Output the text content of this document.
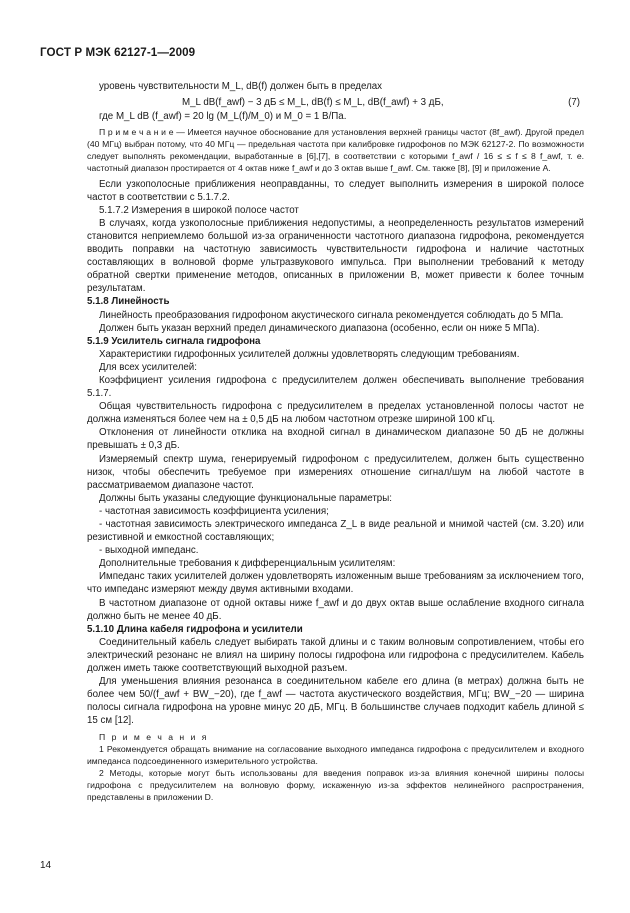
ГОСТ Р МЭК 62127-1—2009

уровень чувствительности M_L, dB(f) должен быть в пределах

M_L dB(f_awf) − 3 дБ ≤ M_L, dB(f) ≤ M_L, dB(f_awf) + 3 дБ,	(7)

где M_L dB (f_awf) = 20 lg (M_L(f)/M_0) и M_0 = 1 В/Па.

П р и м е ч а н и е — Имеется научное обоснование для установления верхней границы частот (8f_awf). Другой предел (40 МГц) выбран потому, что 40 МГц — предельная частота при калибровке гидрофонов по МЭК 62127-2. По возможности следует выполнять рекомендации, выработанные в [6],[7], в соответствии с которыми f_awf / 16 ≤ ≤ f ≤ 8 f_awf, т. е. частотный диапазон простирается от 4 октав ниже f_awf и до 3 октав выше f_awf. См. также [8], [9] и приложение А.

Если узкополосные приближения неоправданны, то следует выполнить измерения в широкой полосе частот в соответствии с 5.1.7.2.

5.1.7.2 Измерения в широкой полосе частот

В случаях, когда узкополосные приближения недопустимы, а неопределенность результатов измерений становится неприемлемо большой из-за ограниченности частотного диапазона гидрофона, рекомендуется вводить поправки на частотную зависимость чувствительности гидрофона и наличие частотных составляющих в волновой форме ультразвукового импульса. При выполнении требований к методу обратной свертки применение методов, описанных в приложении В, может привести к более точным результатам.

5.1.8 Линейность

Линейность преобразования гидрофоном акустического сигнала рекомендуется соблюдать до 5 МПа.

Должен быть указан верхний предел динамического диапазона (особенно, если он ниже 5 МПа).

5.1.9 Усилитель сигнала гидрофона

Характеристики гидрофонных усилителей должны удовлетворять следующим требованиям.

Для всех усилителей:

Коэффициент усиления гидрофона с предусилителем должен обеспечивать выполнение требования 5.1.7.

Общая чувствительность гидрофона с предусилителем в пределах установленной полосы частот не должна изменяться более чем на ± 0,5 дБ на любом частотном отрезке шириной 100 кГц.

Отклонения от линейности отклика на входной сигнал в динамическом диапазоне 50 дБ не должны превышать ± 0,3 дБ.

Измеряемый спектр шума, генерируемый гидрофоном с предусилителем, должен быть существенно низок, чтобы обеспечить требуемое при измерениях отношение сигнал/шум на любой частоте в рассматриваемом диапазоне частот.

Должны быть указаны следующие функциональные параметры:

- частотная зависимость коэффициента усиления;

- частотная зависимость электрического импеданса Z_L в виде реальной и мнимой частей (см. 3.20) или резистивной и емкостной составляющих;

- выходной импеданс.

Дополнительные требования к дифференциальным усилителям:

Импеданс таких усилителей должен удовлетворять изложенным выше требованиям за исключением того, что импеданс измеряют между двумя активными входами.

В частотном диапазоне от одной октавы ниже f_awf и до двух октав выше ослабление входного сигнала должно быть не менее 40 дБ.

5.1.10 Длина кабеля гидрофона и усилители

Соединительный кабель следует выбирать такой длины и с таким волновым сопротивлением, чтобы его электрический резонанс не влиял на ширину полосы гидрофона или гидрофона с предусилителем. Кабель должен иметь также соответствующий выходной разъем.

Для уменьшения влияния резонанса в соединительном кабеле его длина (в метрах) должна быть не более чем 50/(f_awf + BW_−20), где f_awf — частота акустического воздействия, МГц; BW_−20 — ширина полосы сигнала гидрофона на уровне минус 20 дБ, МГц. В большинстве случаев подходит кабель длиной ≤ 15 см [12].

П р и м е ч а н и я

1 Рекомендуется обращать внимание на согласование выходного импеданса гидрофона с предусилителем и входного импеданса подсоединенного измерительного устройства.

2 Методы, которые могут быть использованы для введения поправок из-за влияния конечной ширины полосы гидрофона с предусилителем на волновую форму, искаженную из-за эффектов нелинейного распространения, представлены в приложении D.

14
